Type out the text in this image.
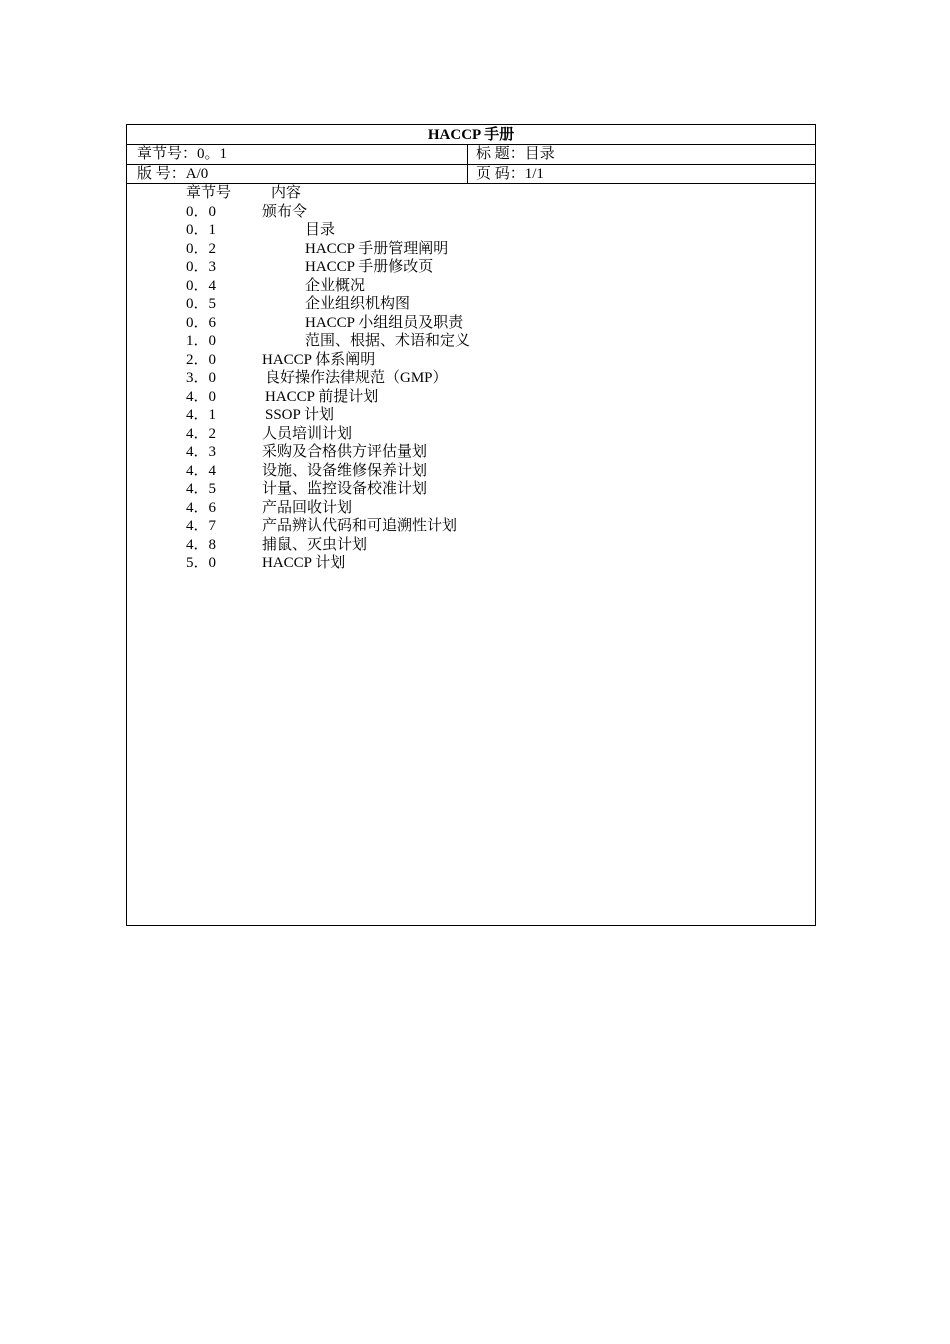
HACCP 手册
章节号：0。1	标 题：目录
版 号：A/0	页 码：1/1
章节号	内容
0．0	颁布令
0．1	目录
0．2	HACCP 手册管理阐明
0．3	HACCP 手册修改页
0．4	企业概况
0．5	企业组织机构图
0．6	HACCP 小组组员及职责
1．0	范围、根据、术语和定义
2．0	HACCP 体系阐明
3．0	良好操作法律规范（GMP）
4．0	HACCP 前提计划
4．1	SSOP 计划
4．2	人员培训计划
4．3	采购及合格供方评估量划
4．4	设施、设备维修保养计划
4．5	计量、监控设备校准计划
4．6	产品回收计划
4．7	产品辨认代码和可追溯性计划
4．8	捕鼠、灭虫计划
5．0	HACCP 计划
